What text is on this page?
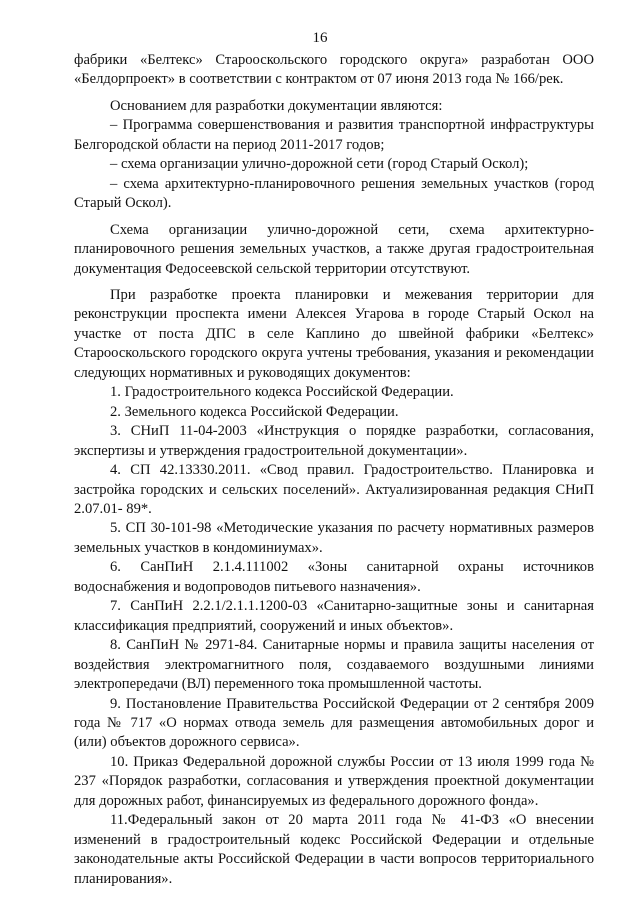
16

фабрики «Белтекс» Старооскольского городского округа» разработан ООО «Белдорпроект» в соответствии с контрактом от 07 июня 2013 года № 166/рек.

Основанием для разработки документации являются:

– Программа совершенствования и развития транспортной инфраструктуры Белгородской области на период 2011-2017 годов;

– схема организации улично-дорожной сети (город Старый Оскол);

– схема архитектурно-планировочного решения земельных участков (город Старый Оскол).

Схема организации улично-дорожной сети, схема архитектурно-планировочного решения земельных участков, а также другая градостроительная документация Федосеевской сельской территории отсутствуют.

При разработке проекта планировки и межевания территории для реконструкции проспекта имени Алексея Угарова в городе Старый Оскол на участке от поста ДПС в селе Каплино до швейной фабрики «Белтекс» Старооскольского городского округа учтены требования, указания и рекомендации следующих нормативных и руководящих документов:

1. Градостроительного кодекса Российской Федерации.

2. Земельного кодекса Российской Федерации.

3. СНиП 11-04-2003 «Инструкция о порядке разработки, согласования, экспертизы и утверждения градостроительной документации».

4. СП 42.13330.2011. «Свод правил. Градостроительство. Планировка и застройка городских и сельских поселений». Актуализированная редакция СНиП 2.07.01- 89*.

5. СП 30-101-98 «Методические указания по расчету нормативных размеров земельных участков в кондоминиумах».

6. СанПиН 2.1.4.111002 «Зоны санитарной охраны источников водоснабжения и водопроводов питьевого назначения».

7. СанПиН 2.2.1/2.1.1.1200-03 «Санитарно-защитные зоны и санитарная классификация предприятий, сооружений и иных объектов».

8. СанПиН № 2971-84. Санитарные нормы и правила защиты населения от воздействия электромагнитного поля, создаваемого воздушными линиями электропередачи (ВЛ) переменного тока промышленной частоты.

9. Постановление Правительства Российской Федерации от 2 сентября 2009 года № 717 «О нормах отвода земель для размещения автомобильных дорог и (или) объектов дорожного сервиса».

10. Приказ Федеральной дорожной службы России от 13 июля 1999 года № 237 «Порядок разработки, согласования и утверждения проектной документации для дорожных работ, финансируемых из федерального дорожного фонда».

11.Федеральный закон от 20 марта 2011 года № 41-ФЗ «О внесении изменений в градостроительный кодекс Российской Федерации и отдельные законодательные акты Российской Федерации в части вопросов территориального планирования».
